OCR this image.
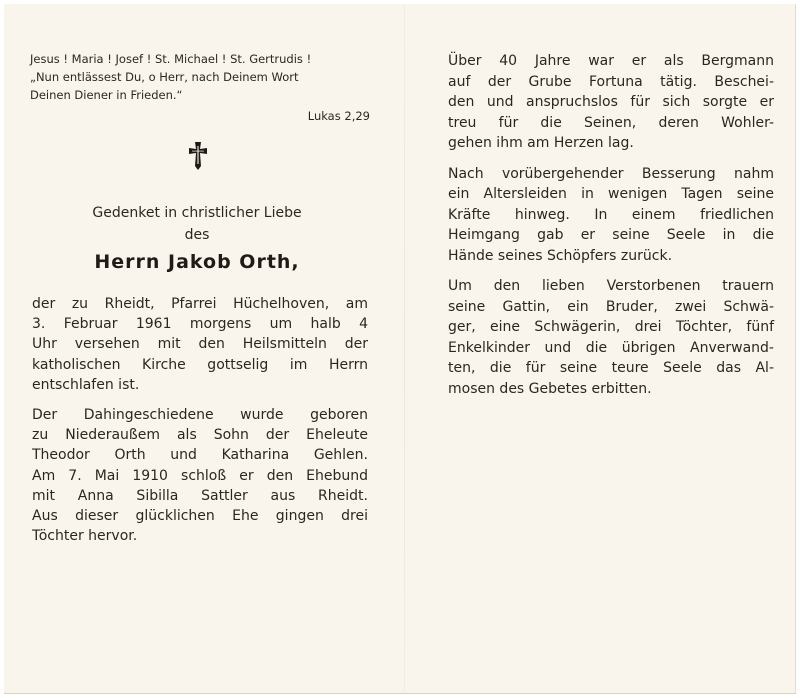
Jesus ! Maria ! Josef ! St. Michael ! St. Gertrudis !
„Nun entlässest Du, o Herr, nach Deinem Wort
Deinen Diener in Frieden.“
Lukas 2,29
Gedenket in christlicher Liebe
des
Herrn Jakob Orth,
der zu Rheidt, Pfarrei Hüchelhoven, am
3. Februar 1961 morgens um halb 4
Uhr versehen mit den Heilsmitteln der
katholischen Kirche gottselig im Herrn
entschlafen ist.
Der Dahingeschiedene wurde geboren
zu Niederaußem als Sohn der Eheleute
Theodor Orth und Katharina Gehlen.
Am 7. Mai 1910 schloß er den Ehebund
mit Anna Sibilla Sattler aus Rheidt.
Aus dieser glücklichen Ehe gingen drei
Töchter hervor.
Über 40 Jahre war er als Bergmann
auf der Grube Fortuna tätig. Beschei-
den und anspruchslos für sich sorgte er
treu für die Seinen, deren Wohler-
gehen ihm am Herzen lag.
Nach vorübergehender Besserung nahm
ein Altersleiden in wenigen Tagen seine
Kräfte hinweg. In einem friedlichen
Heimgang gab er seine Seele in die
Hände seines Schöpfers zurück.
Um den lieben Verstorbenen trauern
seine Gattin, ein Bruder, zwei Schwä-
ger, eine Schwägerin, drei Töchter, fünf
Enkelkinder und die übrigen Anverwand-
ten, die für seine teure Seele das Al-
mosen des Gebetes erbitten.
